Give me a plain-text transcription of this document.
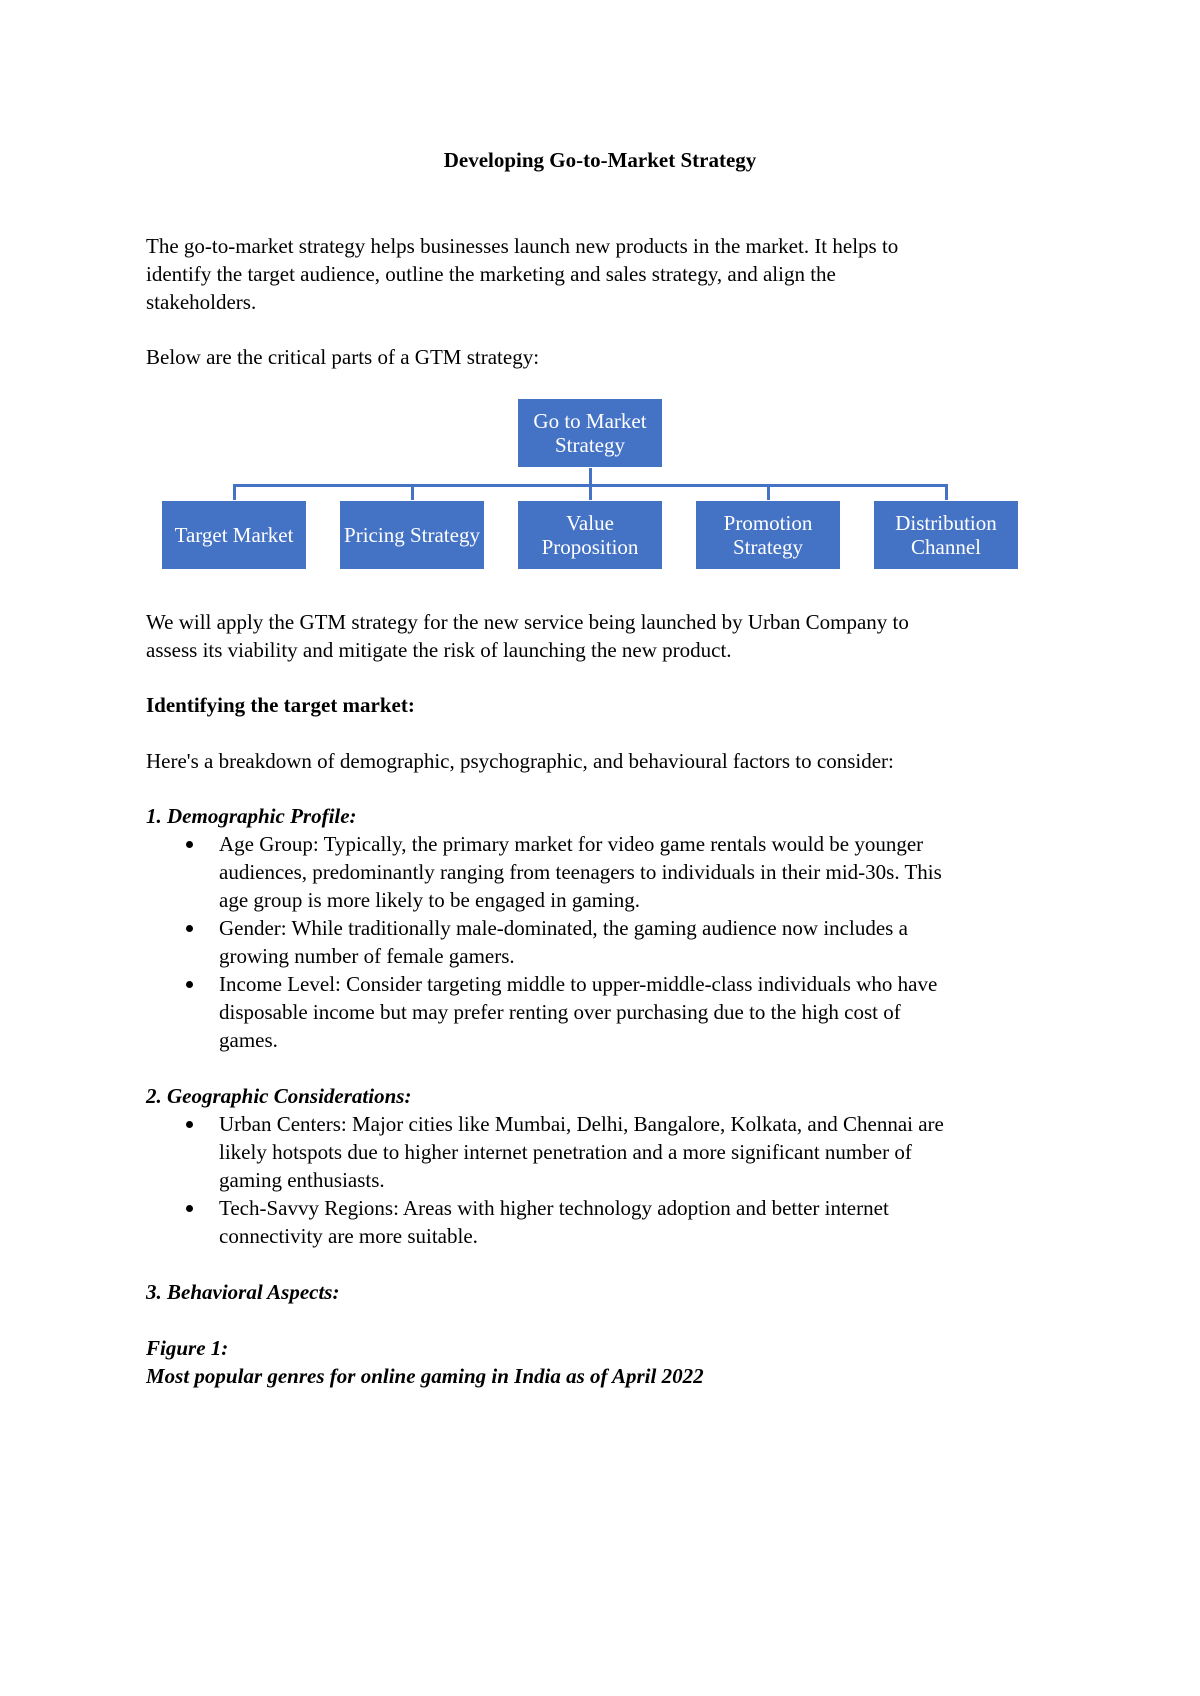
Developing Go-to-Market Strategy
The go-to-market strategy helps businesses launch new products in the market. It helps to
identify the target audience, outline the marketing and sales strategy, and align the
stakeholders.
Below are the critical parts of a GTM strategy:
Go to Market Strategy
Target Market Pricing Strategy	Value Proposition
Promotion Strategy
Distribution Channel
We will apply the GTM strategy for the new service being launched by Urban Company to
assess its viability and mitigate the risk of launching the new product.
Identifying the target market:
Here's a breakdown of demographic, psychographic, and behavioural factors to consider:
1. Demographic Profile:
Age Group: Typically, the primary market for video game rentals would be younger
audiences, predominantly ranging from teenagers to individuals in their mid-30s. This
age group is more likely to be engaged in gaming.
Gender: While traditionally male-dominated, the gaming audience now includes a
growing number of female gamers.
Income Level: Consider targeting middle to upper-middle-class individuals who have
disposable income but may prefer renting over purchasing due to the high cost of
games.
2. Geographic Considerations:
Urban Centers: Major cities like Mumbai, Delhi, Bangalore, Kolkata, and Chennai are
likely hotspots due to higher internet penetration and a more significant number of
gaming enthusiasts.
Tech-Savvy Regions: Areas with higher technology adoption and better internet
connectivity are more suitable.
3. Behavioral Aspects:
Figure 1:
Most popular genres for online gaming in India as of April 2022
